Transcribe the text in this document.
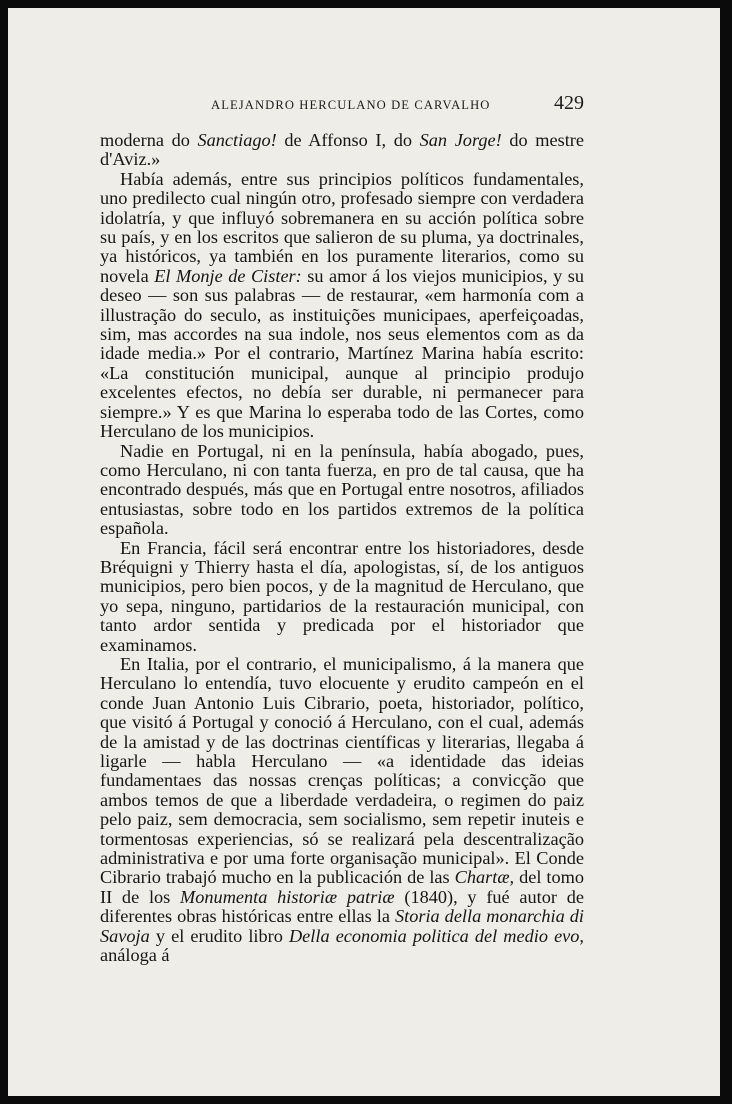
ALEJANDRO HERCULANO DE CARVALHO	429

moderna do Sanctiago! de Affonso I, do San Jorge! do mestre d'Aviz.»

Había además, entre sus principios políticos fundamentales, uno predilecto cual ningún otro, profesado siempre con verdadera idolatría, y que influyó sobremanera en su acción política sobre su país, y en los escritos que salieron de su pluma, ya doctrinales, ya históricos, ya también en los puramente literarios, como su novela El Monje de Cister: su amor á los viejos municipios, y su deseo — son sus palabras — de restaurar, «em harmonía com a illustração do seculo, as instituições municipaes, aperfeiçoadas, sim, mas accordes na sua indole, nos seus elementos com as da idade media.» Por el contrario, Martínez Marina había escrito: «La constitución municipal, aunque al principio produjo excelentes efectos, no debía ser durable, ni permanecer para siempre.» Y es que Marina lo esperaba todo de las Cortes, como Herculano de los municipios.

Nadie en Portugal, ni en la península, había abogado, pues, como Herculano, ni con tanta fuerza, en pro de tal causa, que ha encontrado después, más que en Portugal entre nosotros, afiliados entusiastas, sobre todo en los partidos extremos de la política española.

En Francia, fácil será encontrar entre los historiadores, desde Bréquigni y Thierry hasta el día, apologistas, sí, de los antiguos municipios, pero bien pocos, y de la magnitud de Herculano, que yo sepa, ninguno, partidarios de la restauración municipal, con tanto ardor sentida y predicada por el historiador que examinamos.

En Italia, por el contrario, el municipalismo, á la manera que Herculano lo entendía, tuvo elocuente y erudito campeón en el conde Juan Antonio Luis Cibrario, poeta, historiador, político, que visitó á Portugal y conoció á Herculano, con el cual, además de la amistad y de las doctrinas científicas y literarias, llegaba á ligarle — habla Herculano — «a identidade das ideias fundamentaes das nossas crenças políticas; a convicção que ambos temos de que a liberdade verdadeira, o regimen do paiz pelo paiz, sem democracia, sem socialismo, sem repetir inuteis e tormentosas experiencias, só se realizará pela descentralização administrativa e por uma forte organisação municipal». El Conde Cibrario trabajó mucho en la publicación de las Chartæ, del tomo II de los Monumenta historiæ patriæ (1840), y fué autor de diferentes obras históricas entre ellas la Storia della monarchia di Savoja y el erudito libro Della economia politica del medio evo, análoga á
